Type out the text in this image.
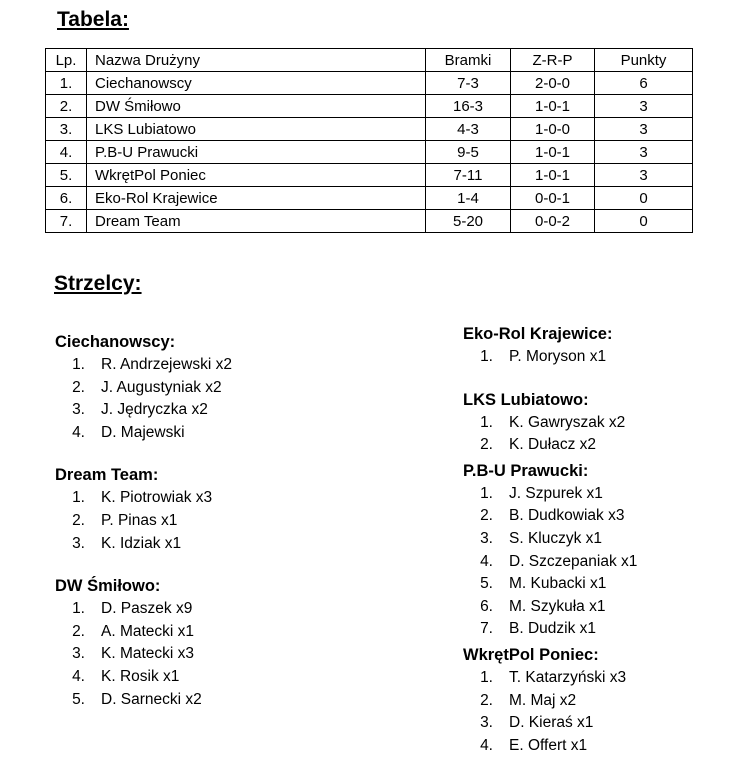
Tabela:
Lp.	Nazwa Drużyny	Bramki	Z-R-P	Punkty
1.	Ciechanowscy	7-3	2-0-0	6
2.	DW Śmiłowo	16-3	1-0-1	3
3.	LKS Lubiatowo	4-3	1-0-0	3
4.	P.B-U Prawucki	9-5	1-0-1	3
5.	WkrętPol Poniec	7-11	1-0-1	3
6.	Eko-Rol Krajewice	1-4	0-0-1	0
7.	Dream Team	5-20	0-0-2	0
Strzelcy:
Ciechanowscy:
1. R. Andrzejewski x2
2. J. Augustyniak x2
3. J. Jędryczka x2
4. D. Majewski
Dream Team:
1. K. Piotrowiak x3
2. P. Pinas x1
3. K. Idziak x1
DW Śmiłowo:
1. D. Paszek x9
2. A. Matecki x1
3. K. Matecki x3
4. K. Rosik x1
5. D. Sarnecki x2
Eko-Rol Krajewice:
1. P. Moryson x1
LKS Lubiatowo:
1. K. Gawryszak x2
2. K. Dułacz x2
P.B-U Prawucki:
1. J. Szpurek x1
2. B. Dudkowiak x3
3. S. Kluczyk x1
4. D. Szczepaniak x1
5. M. Kubacki x1
6. M. Szykuła x1
7. B. Dudzik x1
WkrętPol Poniec:
1. T. Katarzyński x3
2. M. Maj x2
3. D. Kieraś x1
4. E. Offert x1
